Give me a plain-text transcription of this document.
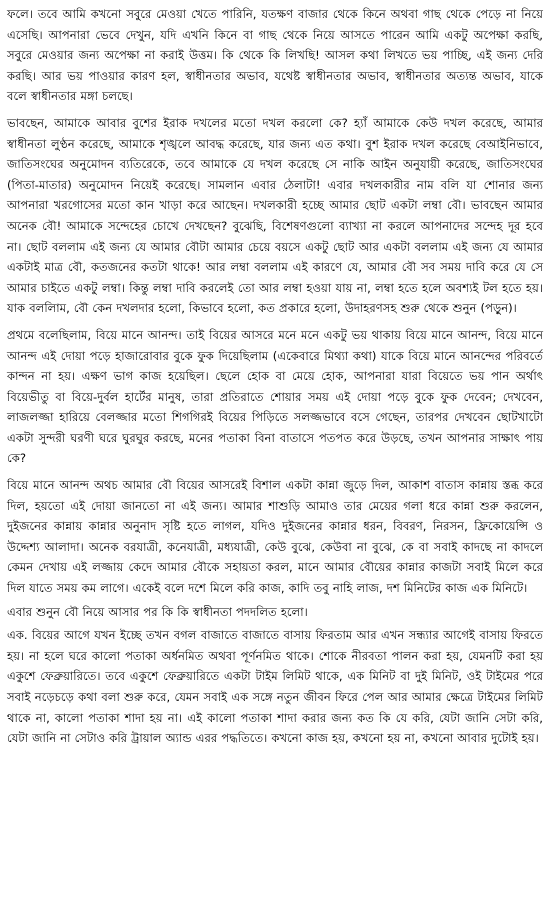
ফলে। তবে আমি কখনো সবুরে মেওয়া খেতে পারিনি, যতক্ষণ বাজার থেকে কিনে অথবা গাছ থেকে পেড়ে না নিয়ে এসেছি। আপনারা ভেবে দেখুন, যদি এখনি কিনে বা গাছ থেকে নিয়ে আসতে পারেন আমি একটু অপেক্ষা করছি, সবুরে মেওয়ার জন্য অপেক্ষা না করাই উত্তম। কি থেকে কি লিখছি! আসল কথা লিখতে ভয় পাচ্ছি, এই জন্য দেরি করছি। আর ভয় পাওয়ার কারণ হল, স্বাধীনতার অভাব, যথেষ্ট স্বাধীনতার অভাব, স্বাধীনতার অত্যন্ত অভাব, যাকে বলে স্বাধীনতার মঙ্গা চলছে।

ভাবছেন, আমাকে আবার বুশের ইরাক দখলের মতো দখল করলো কে? হ্যাঁ আমাকে কেউ দখল করেছে, আমার স্বাধীনতা লুণ্ঠন করেছে, আমাকে শৃঙ্খলে আবদ্ধ করেছে, যার জন্য এত কথা। বুশ ইরাক দখল করেছে বেআইনিভাবে, জাতিসংঘের অনুমোদন ব্যতিরেকে, তবে আমাকে যে দখল করেছে সে নাকি আইন অনুযায়ী করেছে, জাতিসংঘের (পিতা-মাতার) অনুমোদন নিয়েই করেছে। সামলান এবার ঠেলাটা! এবার দখলকারীর নাম বলি যা শোনার জন্য আপনারা খরগোসের মতো কান খাড়া করে আছেন। দখলকারী হচ্ছে আমার ছোট একটা লম্বা বৌ। ভাবছেন আমার অনেক বৌ! আমাকে সন্দেহের চোখে দেখছেন? বুঝেছি, বিশেষণগুলো ব্যাখ্যা না করলে আপনাদের সন্দেহ দূর হবে না। ছোট বললাম এই জন্য যে আমার বৌটা আমার চেয়ে বয়সে একটু ছোট আর একটা বললাম এই জন্য যে আমার একটাই মাত্র বৌ, কতজনের কতটা থাকে! আর লম্বা বললাম এই কারণে যে, আমার বৌ সব সময় দাবি করে যে সে আমার চাইতে একটু লম্বা। কিন্তু লম্বা দাবি করলেই তো আর লম্বা হওয়া যায় না, লম্বা হতে হলে অবশ্যই টল হতে হয়। যাক বললিাম, বৌ কেন দখলদার হলো, কিভাবে হলো, কত প্রকারে হলো, উদাহরণসহ শুরু থেকে শুনুন (পড়ুন)।

প্রথমে বলেছিলাম, বিয়ে মানে আনন্দ। তাই বিয়ের আসরে মনে মনে একটু ভয় থাকায় বিয়ে মানে আনন্দ, বিয়ে মানে আনন্দ এই দোয়া পড়ে হাজারোবার বুকে ফুক দিয়েছিলাম (একেবারে মিথ্যা কথা) যাকে বিয়ে মানে আনন্দের পরিবর্তে কান্দন না হয়। এক্ষণ ভাগ কাজ হয়েছিল। ছেলে হোক বা মেয়ে হোক, আপনারা যারা বিয়েতে ভয় পান অর্থাৎ বিয়েভীতু বা বিয়ে-দুর্বল হার্টের মানুষ, তারা প্রতিরাতে শোয়ার সময় এই দোয়া পড়ে বুকে ফুক দেবেন; দেখবেন, লাজলজ্জা হারিয়ে বেলজ্জার মতো শিগগিরই বিয়ের পিড়িতে সলজ্জভাবে বসে গেছেন, তারপর দেখবেন ছোটখাটো একটা সুন্দরী ঘরণী ঘরে ঘুরঘুর করছে, মনের পতাকা বিনা বাতাসে পতপত করে উড়ছে, তখন আপনার সাক্ষাৎ পায় কে?

বিয়ে মানে আনন্দ অথচ আমার বৌ বিয়ের আসরেই বিশাল একটা কান্না জুড়ে দিল, আকাশ বাতাস কান্নায় স্তব্ধ করে দিল, হয়তো এই দোয়া জানতো না এই জন্য। আমার শাশুড়ি আমাও তার মেয়ের গলা ধরে কান্না শুরু করলেন, দুইজনের কান্নায় কান্নার অনুনাদ সৃষ্টি হতে লাগল, যদিও দুইজনের কান্নার ধরন, বিবরণ, নিরসন, ফ্রিকোয়েন্সি ও উদ্দেশ্য আলাদা। অনেক বরযাত্রী, কনেযাত্রী, মধ্যযাত্রী, কেউ বুঝে, কেউবা না বুঝে, কে বা সবাই কাদছে না কাদলে কেমন দেখায় এই লজ্জায় কেদে আমার বৌকে সহায়তা করল, মানে আমার বৌয়ের কান্নার কাজটা সবাই মিলে করে দিল যাতে সময় কম লাগে। একেই বলে দশে মিলে করি কাজ, কাদি তবু নাহি লাজ, দশ মিনিটের কাজ এক মিনিটে।

এবার শুনুন বৌ নিয়ে আসার পর কি কি স্বাধীনতা পদদলিত হলো।

এক. বিয়ের আগে যখন ইচ্ছে তখন বগল বাজাতে বাজাতে বাসায় ফিরতাম আর এখন সন্ধ্যার আগেই বাসায় ফিরতে হয়। না হলে ঘরে কালো পতাকা অর্ধনমিত অথবা পূর্ণনমিত থাকে। শোকে নীরবতা পালন করা হয়, যেমনটি করা হয় একুশে ফেব্রুয়ারিতে। তবে একুশে ফেব্রুয়ারিতে একটা টাইম লিমিট থাকে, এক মিনিট বা দুই মিনিট, ওই টাইমের পরে সবাই নড়েচড়ে কথা বলা শুরু করে, যেমন সবাই এক সঙ্গে নতুন জীবন ফিরে পেল আর আমার ক্ষেত্রে টাইমের লিমিট থাকে না, কালো পতাকা শাদা হয় না। এই কালো পতাকা শাদা করার জন্য কত কি যে করি, যেটা জানি সেটা করি, যেটা জানি না সেটাও করি ট্রায়াল অ্যান্ড এরর পদ্ধতিতে। কখনো কাজ হয়, কখনো হয় না, কখনো আবার দুটোই হয়।
